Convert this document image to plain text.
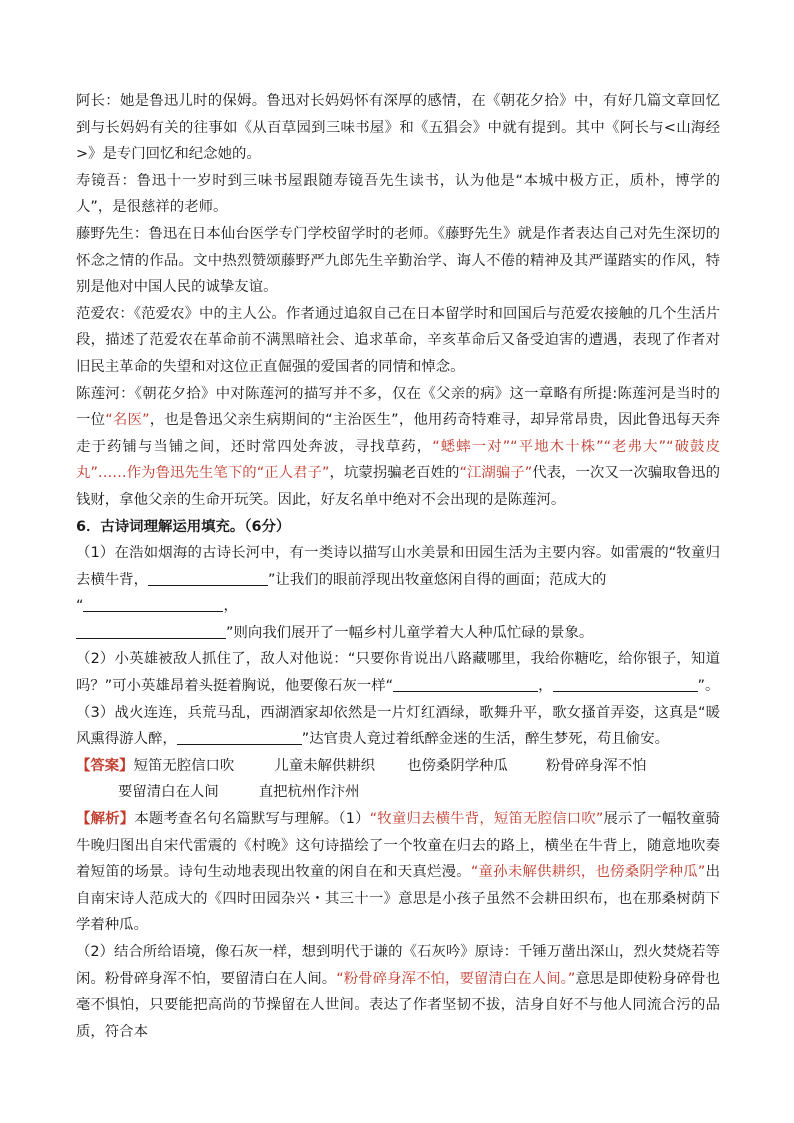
阿长：她是鲁迅儿时的保姆。鲁迅对长妈妈怀有深厚的感情，在《朝花夕拾》中，有好几篇文章回忆到与长妈妈有关的往事如《从百草园到三味书屋》和《五猖会》中就有提到。其中《阿长与<山海经>》是专门回忆和纪念她的。

寿镜吾：鲁迅十一岁时到三味书屋跟随寿镜吾先生读书，认为他是“本城中极方正，质朴，博学的人”，是很慈祥的老师。

藤野先生：鲁迅在日本仙台医学专门学校留学时的老师。《藤野先生》就是作者表达自己对先生深切的怀念之情的作品。文中热烈赞颂藤野严九郎先生辛勤治学、诲人不倦的精神及其严谨踏实的作风，特别是他对中国人民的诚挚友谊。

范爱农：《范爱农》中的主人公。作者通过追叙自己在日本留学时和回国后与范爱农接触的几个生活片段，描述了范爱农在革命前不满黑暗社会、追求革命，辛亥革命后又备受迫害的遭遇，表现了作者对旧民主革命的失望和对这位正直倔强的爱国者的同情和悼念。

陈莲河：《朝花夕拾》中对陈莲河的描写并不多，仅在《父亲的病》这一章略有所提:陈莲河是当时的一位“名医”，也是鲁迅父亲生病期间的“主治医生”，他用药奇特难寻，却异常昂贵，因此鲁迅每天奔走于药铺与当铺之间，还时常四处奔波，寻找草药，“蟋蟀一对”“平地木十株”“老弗大”“破鼓皮丸”……作为鲁迅先生笔下的“正人君子”，坑蒙拐骗老百姓的“江湖骗子”代表，一次又一次骗取鲁迅的钱财，拿他父亲的生命开玩笑。因此，好友名单中绝对不会出现的是陈莲河。

6．古诗词理解运用填充。（6分）

（1）在浩如烟海的古诗长河中，有一类诗以描写山水美景和田园生活为主要内容。如雷震的“牧童归去横牛背，	”让我们的眼前浮现出牧童悠闲自得的画面；范成大的
“	，
”则向我们展开了一幅乡村儿童学着大人种瓜忙碌的景象。

（2）小英雄被敌人抓住了，敌人对他说：“只要你肯说出八路藏哪里，我给你糖吃，给你银子，知道吗？”可小英雄昂着头挺着胸说，他要像石灰一样“	，	”。

（3）战火连连，兵荒马乱，西湖酒家却依然是一片灯红酒绿，歌舞升平，歌女搔首弄姿，这真是“暖风熏得游人醉，	”达官贵人竟过着纸醉金迷的生活，醉生梦死，苟且偷安。

【答案】短笛无腔信口吹	儿童未解供耕织 也傍桑阴学种瓜	粉骨碎身浑不怕要留清白在人间	直把杭州作汴州

【解析】本题考查名句名篇默写与理解。（1）“牧童归去横牛背，短笛无腔信口吹”展示了一幅牧童骑牛晚归图出自宋代雷震的《村晚》这句诗描绘了一个牧童在归去的路上，横坐在牛背上，随意地吹奏着短笛的场景。诗句生动地表现出牧童的闲自在和天真烂漫。“童孙未解供耕织，也傍桑阴学种瓜”出自南宋诗人范成大的《四时田园杂兴・其三十一》意思是小孩子虽然不会耕田织布，也在那桑树荫下学着种瓜。

（2）结合所给语境，像石灰一样，想到明代于谦的《石灰吟》原诗：千锤万凿出深山，烈火焚烧若等闲。粉骨碎身浑不怕，要留清白在人间。“粉骨碎身浑不怕，要留清白在人间。”意思是即使粉身碎骨也毫不惧怕，只要能把高尚的节操留在人世间。表达了作者坚韧不拔，洁身自好不与他人同流合污的品质，符合本
